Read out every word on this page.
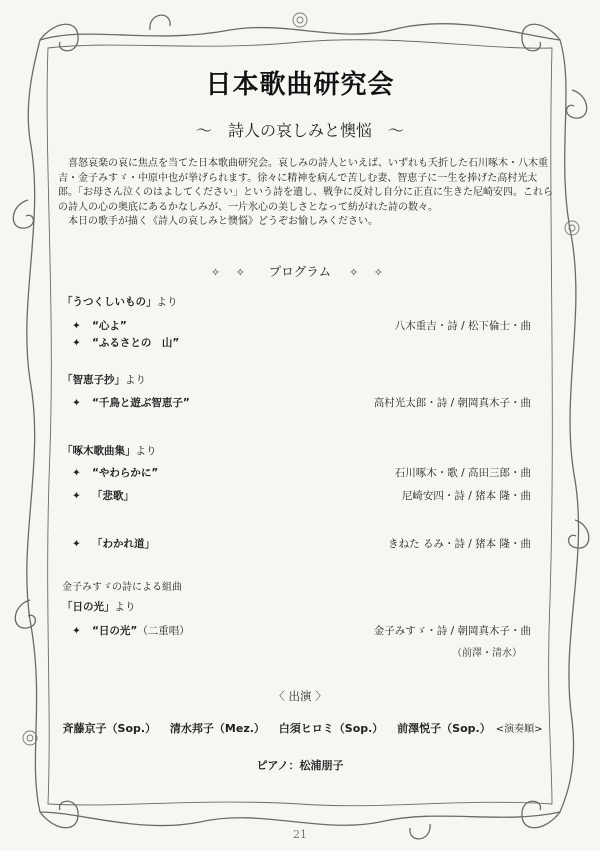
日本歌曲研究会
～　詩人の哀しみと懊悩　～

喜怒哀楽の哀に焦点を当てた日本歌曲研究会。哀しみの詩人といえば、いずれも夭折した石川啄木・八木重吉・金子みすゞ・中原中也が挙げられます。徐々に精神を病んで苦しむ妻、智恵子に一生を捧げた高村光太郎。「お母さん泣くのはよしてください」という詩を遺し、戦争に反対し自分に正直に生きた尼崎安四。これらの詩人の心の奥底にあるかなしみが、一片氷心の美しさとなって紡がれた詩の数々。

本日の歌手が描く《詩人の哀しみと懊悩》どうぞお愉しみください。

✧ ✧ プログラム ✧ ✧
「うつくしいもの」より
✦ “心よ”	八木重吉・詩 / 松下倫士・曲
✦ “ふるさとの　山”
「智恵子抄」より
✦ “千鳥と遊ぶ智恵子”	高村光太郎・詩 / 朝岡真木子・曲
「啄木歌曲集」より
✦ “やわらかに”	石川啄木・歌 / 高田三郎・曲
✦ 「悲歌」	尼崎安四・詩 / 猪本 隆・曲
✦ 「わかれ道」	きねた るみ・詩 / 猪本 隆・曲
金子みすゞの詩による組曲
「日の光」より
✦ “日の光”（二重唱）	金子みすゞ・詩 / 朝岡真木子・曲
（前澤・清水）
〈 出演 〉
斉藤京子（Sop.） 清水邦子（Mez.） 白須ヒロミ（Sop.） 前澤悦子（Sop.） <演奏順>
ピアノ：松浦朋子
21
